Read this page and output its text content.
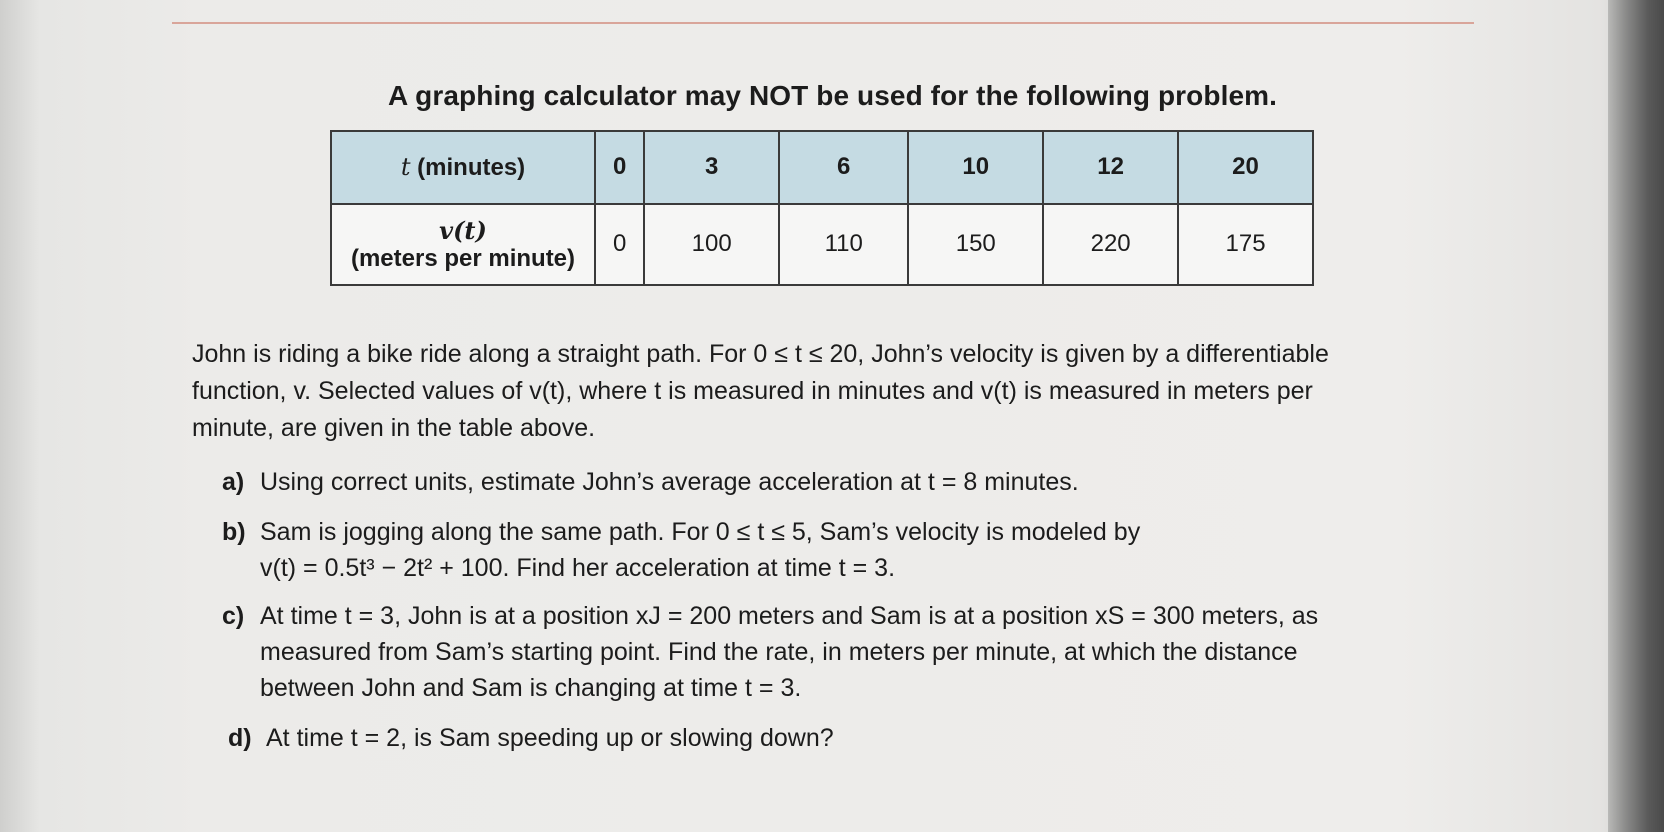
A graphing calculator may NOT be used for the following problem.
t (minutes)	0	3	6	10	12	20

v(t)
(meters per minute)	0	100	110	150	220	175
John is riding a bike ride along a straight path. For 0 ≤ t ≤ 20, John’s velocity is given by a differentiable
function, v. Selected values of v(t), where t is measured in minutes and v(t) is measured in meters per
minute, are given in the table above.
a) Using correct units, estimate John’s average acceleration at t = 8 minutes.
b) Sam is jogging along the same path. For 0 ≤ t ≤ 5, Sam’s velocity is modeled by
v(t) = 0.5t³ − 2t² + 100. Find her acceleration at time t = 3.
c) At time t = 3, John is at a position xJ = 200 meters and Sam is at a position xS = 300 meters, as
measured from Sam’s starting point. Find the rate, in meters per minute, at which the distance
between John and Sam is changing at time t = 3.
d) At time t = 2, is Sam speeding up or slowing down?
